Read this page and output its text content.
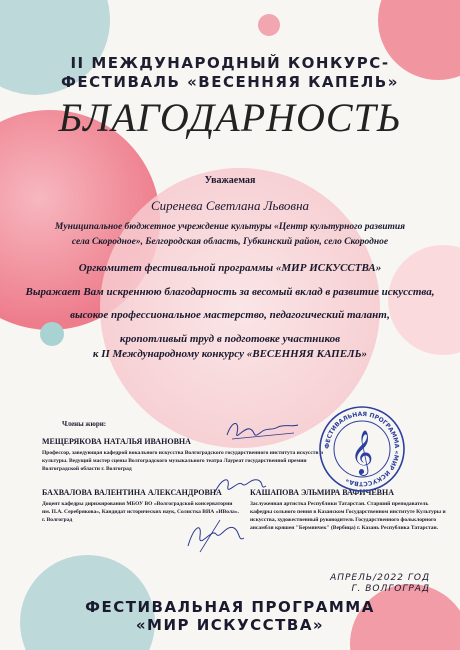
II МЕЖДУНАРОДНЫЙ КОНКУРС-
ФЕСТИВАЛЬ «ВЕСЕННЯЯ КАПЕЛЬ»
БЛАГОДАРНОСТЬ
Уважаемая
Сиренева Светлана Львовна
Муниципальное бюджетное учреждение культуры «Центр культурного развития
села Скородное», Белгородская область, Губкинский район, село Скородное
Оргкомитет фестивальной программы «МИР ИСКУССТВА»
Выражает Вам искреннюю благодарность за весомый вклад в развитие искусства,
высокое профессиональное мастерство, педагогический талант,
кропотливый труд в подготовке участников
к II Международному конкурсу «ВЕСЕННЯЯ КАПЕЛЬ»
Члены жюри:
МЕЩЕРЯКОВА НАТАЛЬЯ ИВАНОВНА
Профессор, заведующая кафедрой вокального искусства Волгоградского государственного института искусств и культуры. Ведущий мастер сцены Волгоградского музыкального театра Лауреат государственной премии Волгоградской области г. Волгоград
БАХВАЛОВА ВАЛЕНТИНА АЛЕКСАНДРОВНА
Доцент кафедры дирижирования МБОУ ВО «Волгоградской консерватории им. П.А. Серебрякова», Кандидат исторических наук, Солистка ВИА «ИВола». г. Волгоград
КАШАПОВА ЭЛЬМИРА ВАФИЧЕВНА
Заслуженная артистка Республики Татарстан. Старший преподаватель кафедры сольного пения в Казанском Государственном институте Культуры и искусства, художественный руководитель Государственного фольклорного ансамбля кряшен "Бермянчек" (Вербица) г. Казань Республика Татарстан.
ФЕСТИВАЛЬНАЯ ПРОГРАММА «МИР ИСКУССТВА»
𝄞
АПРЕЛЬ/2022 ГОД
Г. ВОЛГОГРАД
ФЕСТИВАЛЬНАЯ ПРОГРАММА
«МИР ИСКУССТВА»
